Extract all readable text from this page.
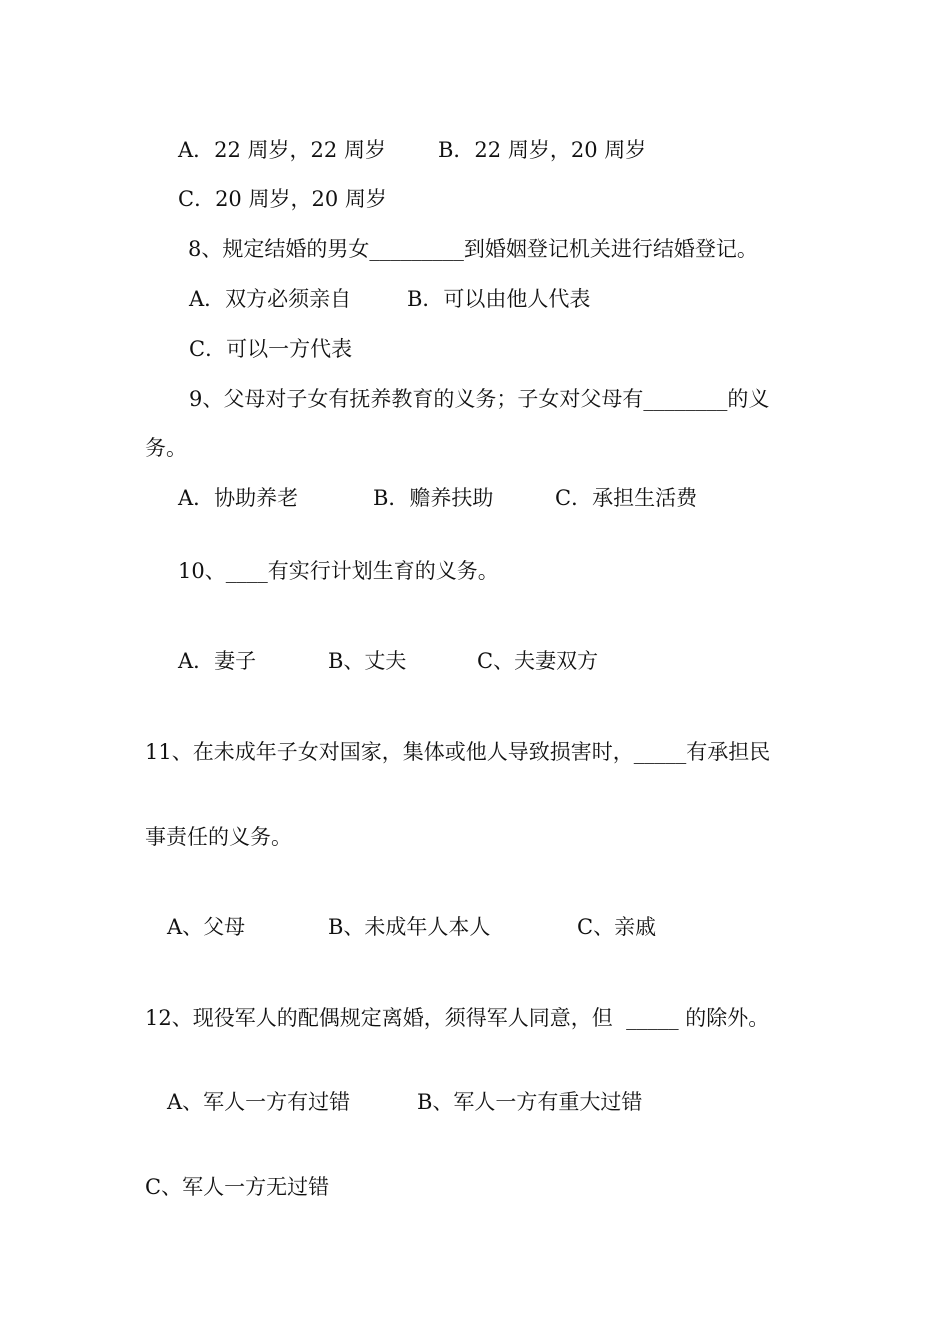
A．22 周岁，22 周岁 B．22 周岁，20 周岁
C．20 周岁，20 周岁
8、规定结婚的男女_________到婚姻登记机关进行结婚登记。
A．双方必须亲自	B．可以由他人代表
C．可以一方代表
9、父母对子女有抚养教育的义务；子女对父母有________的义
务。
A．协助养老	B．赡养扶助	C．承担生活费
10、____有实行计划生育的义务。
A．妻子	B、丈夫	C、夫妻双方
11、在未成年子女对国家，集体或他人导致损害时，_____有承担民
事责任的义务。
A、父母	B、未成年人本人	C、亲戚
12、现役军人的配偶规定离婚，须得军人同意，但  _____ 的除外。
A、军人一方有过错	B、军人一方有重大过错
C、军人一方无过错
